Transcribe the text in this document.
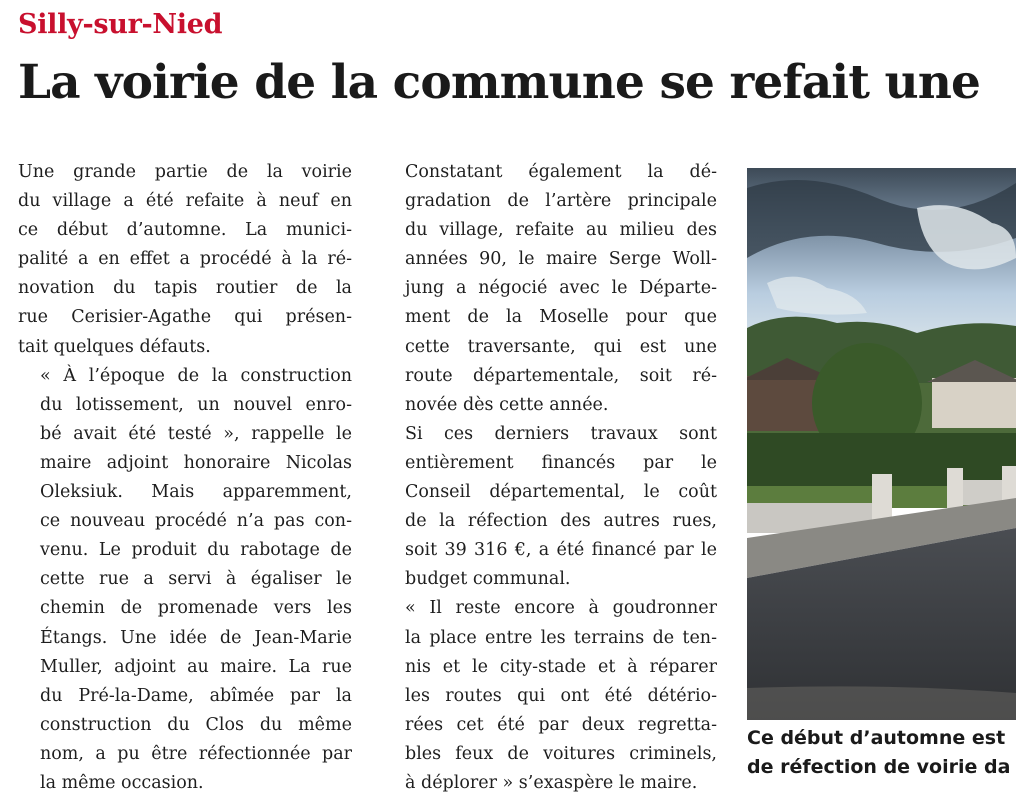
Silly-sur-Nied
La voirie de la commune se refait une

Une grande partie de la voirie
du village a été refaite à neuf en
ce début d’automne. La munici-
palité a en effet a procédé à la ré-
novation du tapis routier de la
rue Cerisier-Agathe qui présen-
tait quelques défauts.

« À l’époque de la construction
du lotissement, un nouvel enro-
bé avait été testé », rappelle le
maire adjoint honoraire Nicolas
Oleksiuk. Mais apparemment,
ce nouveau procédé n’a pas con-
venu. Le produit du rabotage de
cette rue a servi à égaliser le
chemin de promenade vers les
Étangs. Une idée de Jean-Marie
Muller, adjoint au maire. La rue
du Pré-la-Dame, abîmée par la
construction du Clos du même
nom, a pu être réfectionnée par
la même occasion.

Constatant également la dé-
gradation de l’artère principale
du village, refaite au milieu des
années 90, le maire Serge Woll-
jung a négocié avec le Départe-
ment de la Moselle pour que
cette traversante, qui est une
route départementale, soit ré-
novée dès cette année.

Si ces derniers travaux sont
entièrement financés par le
Conseil départemental, le coût
de la réfection des autres rues,
soit 39 316 €, a été financé par le
budget communal.

« Il reste encore à goudronner
la place entre les terrains de ten-
nis et le city-stade et à réparer
les routes qui ont été détério-
rées cet été par deux regretta-
bles feux de voitures criminels,
à déplorer » s’exaspère le maire.

Ce début d’automne est
de réfection de voirie da
